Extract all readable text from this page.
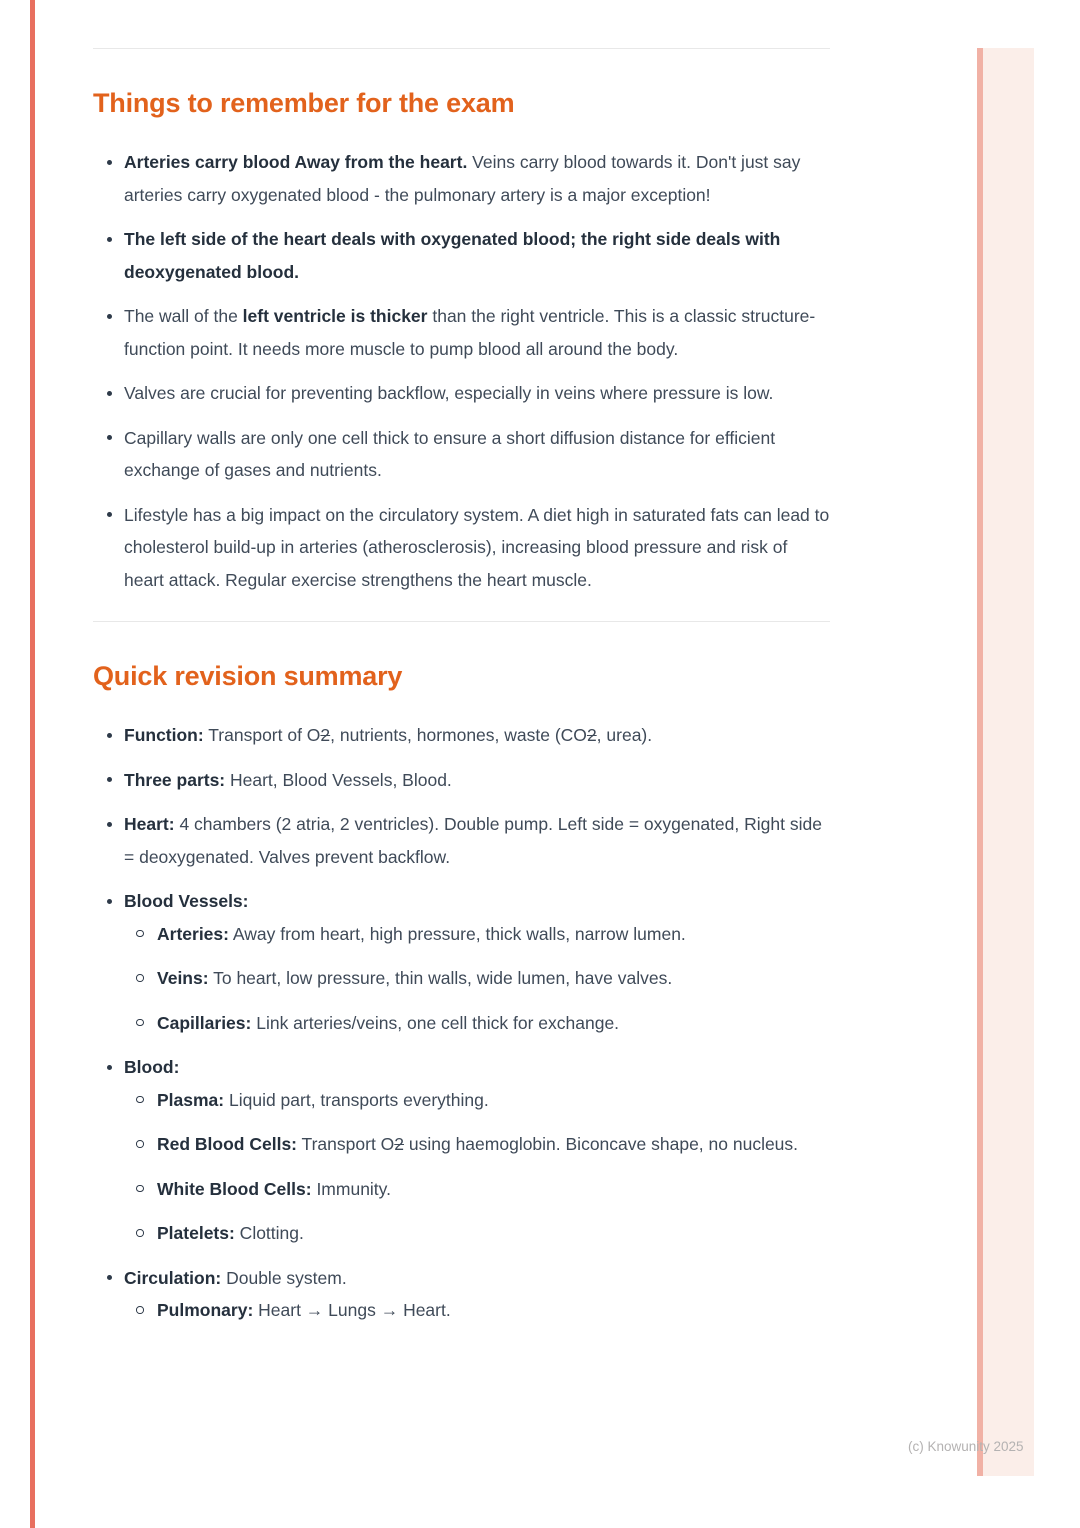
Things to remember for the exam
Arteries carry blood Away from the heart. Veins carry blood towards it. Don't just say arteries carry oxygenated blood - the pulmonary artery is a major exception!
The left side of the heart deals with oxygenated blood; the right side deals with deoxygenated blood.
The wall of the left ventricle is thicker than the right ventricle. This is a classic structure-function point. It needs more muscle to pump blood all around the body.
Valves are crucial for preventing backflow, especially in veins where pressure is low.
Capillary walls are only one cell thick to ensure a short diffusion distance for efficient exchange of gases and nutrients.
Lifestyle has a big impact on the circulatory system. A diet high in saturated fats can lead to cholesterol build-up in arteries (atherosclerosis), increasing blood pressure and risk of heart attack. Regular exercise strengthens the heart muscle.
Quick revision summary
Function: Transport of O2, nutrients, hormones, waste (CO2, urea).
Three parts: Heart, Blood Vessels, Blood.
Heart: 4 chambers (2 atria, 2 ventricles). Double pump. Left side = oxygenated, Right side = deoxygenated. Valves prevent backflow.
Blood Vessels:
Arteries: Away from heart, high pressure, thick walls, narrow lumen.
Veins: To heart, low pressure, thin walls, wide lumen, have valves.
Capillaries: Link arteries/veins, one cell thick for exchange.
Blood:
Plasma: Liquid part, transports everything.
Red Blood Cells: Transport O2 using haemoglobin. Biconcave shape, no nucleus.
White Blood Cells: Immunity.
Platelets: Clotting.
Circulation: Double system.
Pulmonary: Heart → Lungs → Heart.
(c) Knowunity 2025
